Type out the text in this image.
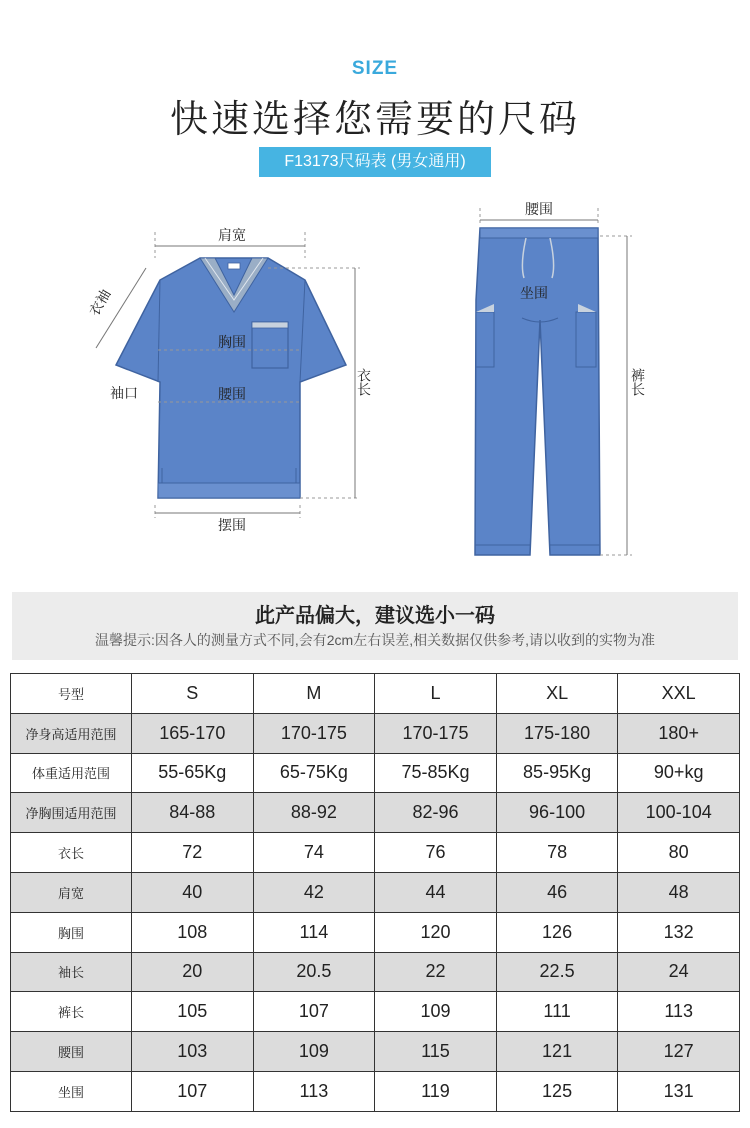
SIZE
快速选择您需要的尺码
F13173尺码表 (男女通用)
肩宽
胸围
腰围
袖口
摆围
衣袖
衣长
腰围
坐围
裤长
此产品偏大，建议选小一码
温馨提示:因各人的测量方式不同,会有2cm左右误差,相关数据仅供参考,请以收到的实物为准
号型	S	M	L	XL	XXL
净身高适用范围	165-170	170-175	170-175	175-180	180+
体重适用范围	55-65Kg	65-75Kg	75-85Kg	85-95Kg	90+kg
净胸围适用范围	84-88	88-92	82-96	96-100	100-104
衣长	72	74	76	78	80
肩宽	40	42	44	46	48
胸围	108	114	120	126	132
袖长	20	20.5	22	22.5	24
裤长	105	107	109	111	113
腰围	103	109	115	121	127
坐围	107	113	119	125	131
